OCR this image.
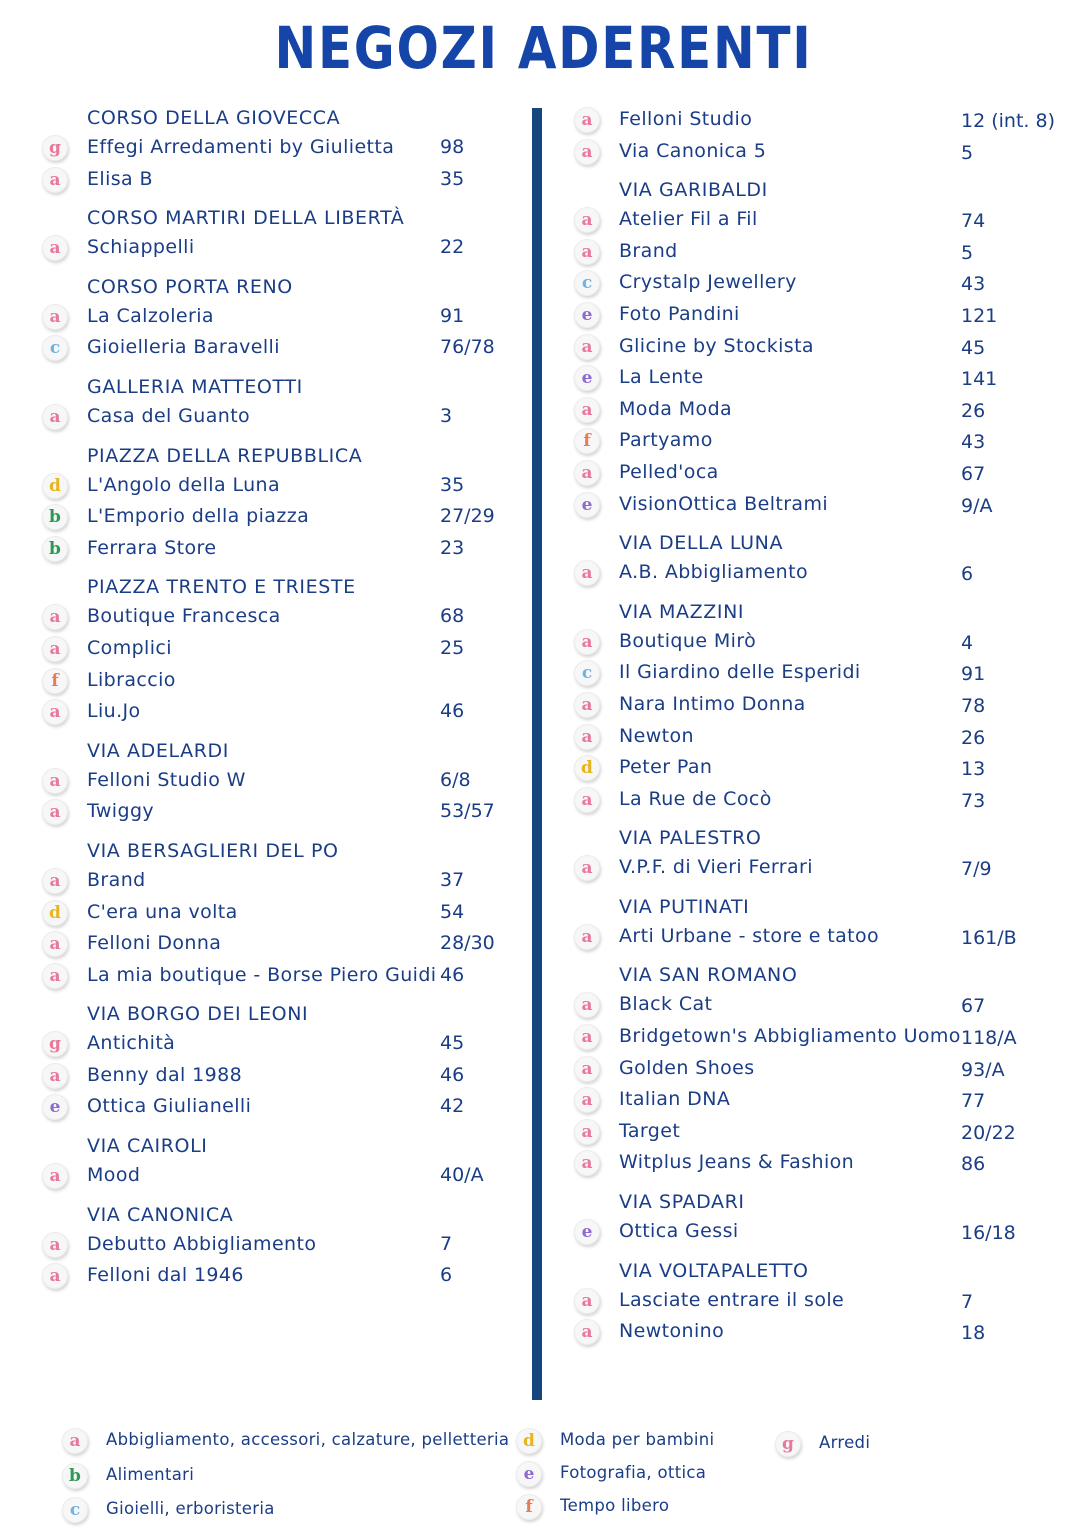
NEGOZI ADERENTI
CORSO DELLA GIOVECCA
g	Effegi Arredamenti by Giulietta 98
a	Elisa B	35
CORSO MARTIRI DELLA LIBERTÀ
a	Schiappelli	22
CORSO PORTA RENO
a	La Calzoleria	91
c	Gioielleria Baravelli	76/78
GALLERIA MATTEOTTI
a	Casa del Guanto	3
PIAZZA DELLA REPUBBLICA
d	L'Angolo della Luna	35
b	L'Emporio della piazza	27/29
b	Ferrara Store	23
PIAZZA TRENTO E TRIESTE
a	Boutique Francesca	68
a	Complici	25
f	Libraccio
a	Liu.Jo	46
VIA ADELARDI
a	Felloni Studio W	6/8
a	Twiggy	53/57
VIA BERSAGLIERI DEL PO
a	Brand	37
d	C'era una volta	54
a	Felloni Donna	28/30
a	La mia boutique - Borse Piero Guidi 46
VIA BORGO DEI LEONI
g	Antichità	45
a	Benny dal 1988	46
e	Ottica Giulianelli	42
VIA CAIROLI
a	Mood	40/A
VIA CANONICA
a	Debutto Abbigliamento	7
a	Felloni dal 1946	6
a	Felloni Studio	12 (int. 8)
a	Via Canonica 5	5
VIA GARIBALDI
a	Atelier Fil a Fil	74
a	Brand	5
c	Crystalp Jewellery	43
e	Foto Pandini	121
a	Glicine by Stockista	45
e	La Lente	141
a	Moda Moda	26
f	Partyamo	43
a	Pelled'oca	67
e	VisionOttica Beltrami	9/A
VIA DELLA LUNA
a	A.B. Abbigliamento	6
VIA MAZZINI
a	Boutique Mirò	4
c	Il Giardino delle Esperidi	91
a	Nara Intimo Donna	78
a	Newton	26
d	Peter Pan	13
a	La Rue de Cocò	73
VIA PALESTRO
a	V.P.F. di Vieri Ferrari	7/9
VIA PUTINATI
a	Arti Urbane - store e tatoo	161/B
VIA SAN ROMANO
a	Black Cat	67
a	Bridgetown's Abbigliamento Uomo 118/A
a	Golden Shoes	93/A
a	Italian DNA	77
a	Target	20/22
a	Witplus Jeans & Fashion	86
VIA SPADARI
e	Ottica Gessi	16/18
VIA VOLTAPALETTO
a	Lasciate entrare il sole	7
a	Newtonino	18
a	Abbigliamento, accessori, calzature, pelletteria
b	Alimentari
c	Gioielli, erboristeria
d	Moda per bambini
e	Fotografia, ottica
f	Tempo libero
g	Arredi
